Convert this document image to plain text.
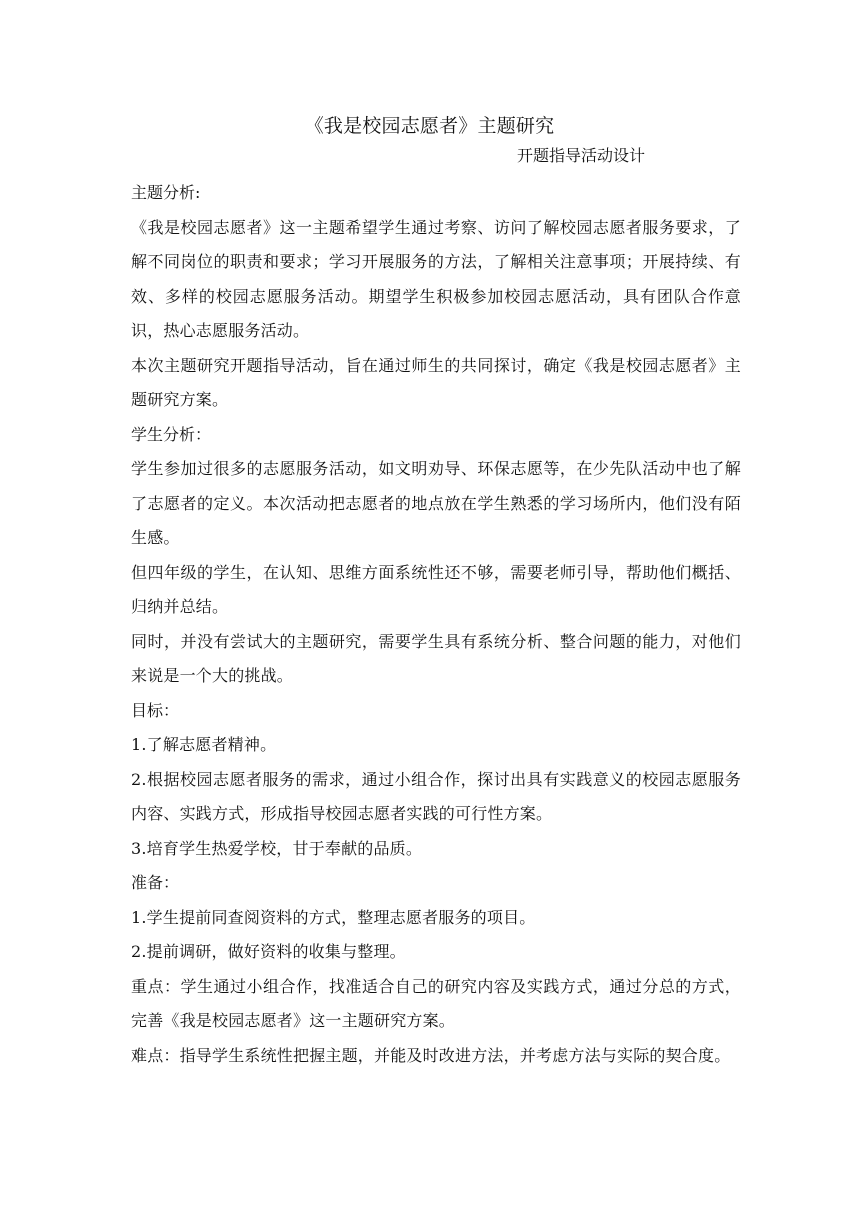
《我是校园志愿者》主题研究
开题指导活动设计

主题分析:

《我是校园志愿者》这一主题希望学生通过考察、访问了解校园志愿者服务要求，了解不同岗位的职责和要求；学习开展服务的方法，了解相关注意事项；开展持续、有效、多样的校园志愿服务活动。期望学生积极参加校园志愿活动，具有团队合作意识，热心志愿服务活动。

本次主题研究开题指导活动，旨在通过师生的共同探讨，确定《我是校园志愿者》主题研究方案。

学生分析：

学生参加过很多的志愿服务活动，如文明劝导、环保志愿等，在少先队活动中也了解了志愿者的定义。本次活动把志愿者的地点放在学生熟悉的学习场所内，他们没有陌生感。

但四年级的学生，在认知、思维方面系统性还不够，需要老师引导，帮助他们概括、归纳并总结。

同时，并没有尝试大的主题研究，需要学生具有系统分析、整合问题的能力，对他们来说是一个大的挑战。

目标：

1.了解志愿者精神。

2.根据校园志愿者服务的需求，通过小组合作，探讨出具有实践意义的校园志愿服务内容、实践方式，形成指导校园志愿者实践的可行性方案。

3.培育学生热爱学校，甘于奉献的品质。

准备：

1.学生提前同查阅资料的方式，整理志愿者服务的项目。

2.提前调研，做好资料的收集与整理。

重点：学生通过小组合作，找准适合自己的研究内容及实践方式，通过分总的方式，完善《我是校园志愿者》这一主题研究方案。

难点：指导学生系统性把握主题，并能及时改进方法，并考虑方法与实际的契合度。
